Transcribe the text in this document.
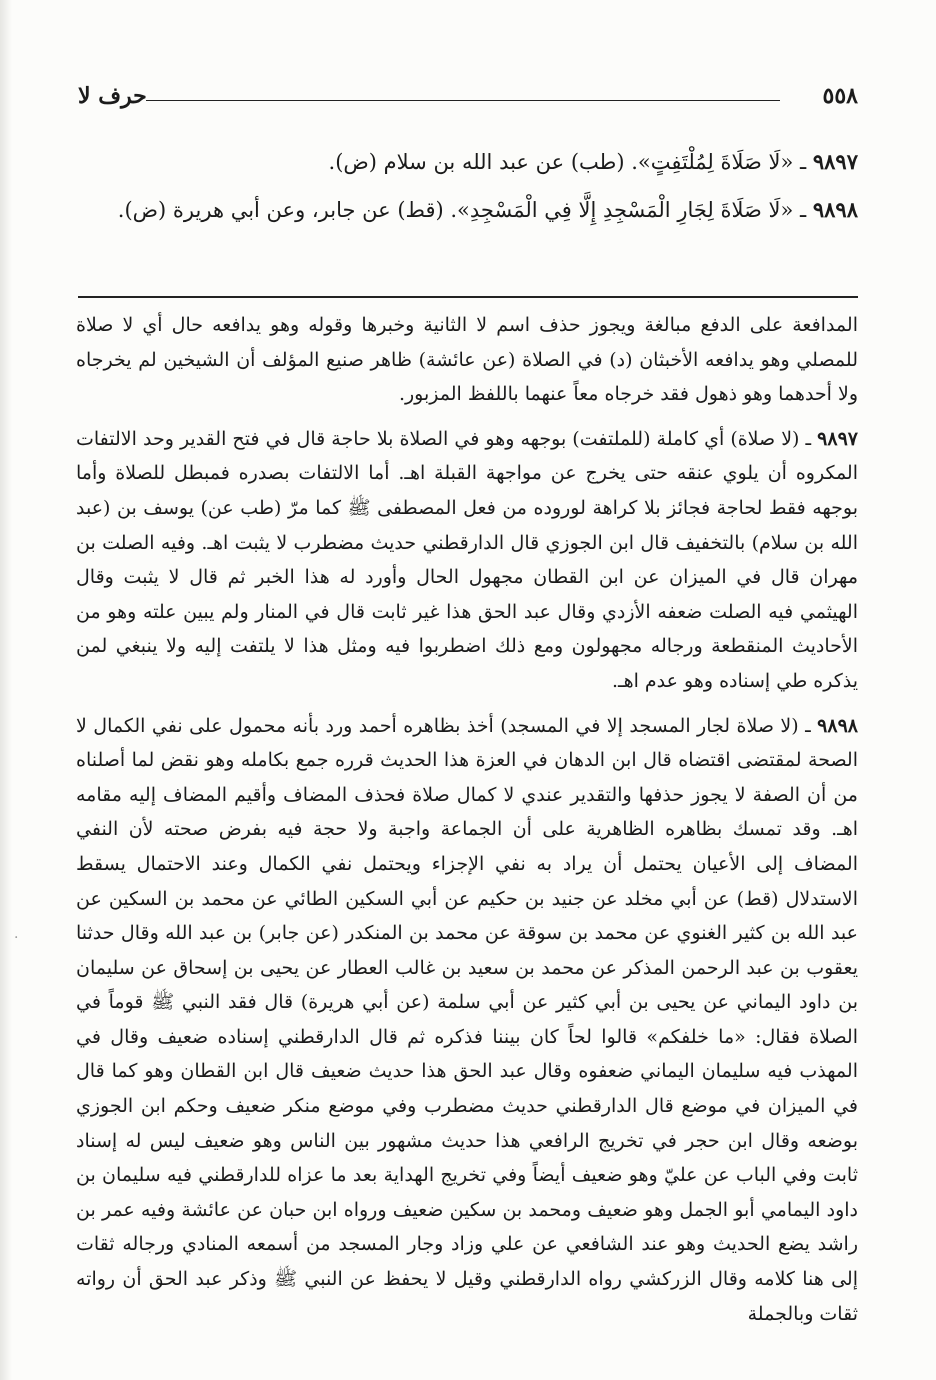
٥٥٨
حرف لا

٩٨٩٧ ـ «لَا صَلَاةَ لِمُلْتَفِتٍ». (طب) عن عبد الله بن سلام (ض).

٩٨٩٨ ـ «لَا صَلَاةَ لِجَارِ الْمَسْجِدِ إِلَّا فِي الْمَسْجِدِ». (قط) عن جابر، وعن أبي هريرة (ض).

المدافعة على الدفع مبالغة ويجوز حذف اسم لا الثانية وخبرها وقوله وهو يدافعه حال أي لا صلاة للمصلي وهو يدافعه الأخبثان (د) في الصلاة (عن عائشة) ظاهر صنيع المؤلف أن الشيخين لم يخرجاه ولا أحدهما وهو ذهول فقد خرجاه معاً عنهما باللفظ المزبور.

٩٨٩٧ ـ (لا صلاة) أي كاملة (للملتفت) بوجهه وهو في الصلاة بلا حاجة قال في فتح القدير وحد الالتفات المكروه أن يلوي عنقه حتى يخرج عن مواجهة القبلة اهـ. أما الالتفات بصدره فمبطل للصلاة وأما بوجهه فقط لحاجة فجائز بلا كراهة لوروده من فعل المصطفى ﷺ كما مرّ (طب عن) يوسف بن (عبد الله بن سلام) بالتخفيف قال ابن الجوزي قال الدارقطني حديث مضطرب لا يثبت اهـ. وفيه الصلت بن مهران قال في الميزان عن ابن القطان مجهول الحال وأورد له هذا الخبر ثم قال لا يثبت وقال الهيثمي فيه الصلت ضعفه الأزدي وقال عبد الحق هذا غير ثابت قال في المنار ولم يبين علته وهو من الأحاديث المنقطعة ورجاله مجهولون ومع ذلك اضطربوا فيه ومثل هذا لا يلتفت إليه ولا ينبغي لمن يذكره طي إسناده وهو عدم اهـ.

٩٨٩٨ ـ (لا صلاة لجار المسجد إلا في المسجد) أخذ بظاهره أحمد ورد بأنه محمول على نفي الكمال لا الصحة لمقتضى اقتضاه قال ابن الدهان في العزة هذا الحديث قرره جمع بكامله وهو نقض لما أصلناه من أن الصفة لا يجوز حذفها والتقدير عندي لا كمال صلاة فحذف المضاف وأقيم المضاف إليه مقامه اهـ. وقد تمسك بظاهره الظاهرية على أن الجماعة واجبة ولا حجة فيه بفرض صحته لأن النفي المضاف إلى الأعيان يحتمل أن يراد به نفي الإجزاء ويحتمل نفي الكمال وعند الاحتمال يسقط الاستدلال (قط) عن أبي مخلد عن جنيد بن حكيم عن أبي السكين الطائي عن محمد بن السكين عن عبد الله بن كثير الغنوي عن محمد بن سوقة عن محمد بن المنكدر (عن جابر) بن عبد الله وقال حدثنا يعقوب بن عبد الرحمن المذكر عن محمد بن سعيد بن غالب العطار عن يحيى بن إسحاق عن سليمان بن داود اليماني عن يحيى بن أبي كثير عن أبي سلمة (عن أبي هريرة) قال فقد النبي ﷺ قوماً في الصلاة فقال: «ما خلفكم» قالوا لحاً كان بيننا فذكره ثم قال الدارقطني إسناده ضعيف وقال في المهذب فيه سليمان اليماني ضعفوه وقال عبد الحق هذا حديث ضعيف قال ابن القطان وهو كما قال في الميزان في موضع قال الدارقطني حديث مضطرب وفي موضع منكر ضعيف وحكم ابن الجوزي بوضعه وقال ابن حجر في تخريج الرافعي هذا حديث مشهور بين الناس وهو ضعيف ليس له إسناد ثابت وفي الباب عن عليّ وهو ضعيف أيضاً وفي تخريج الهداية بعد ما عزاه للدارقطني فيه سليمان بن داود اليمامي أبو الجمل وهو ضعيف ومحمد بن سكين ضعيف ورواه ابن حبان عن عائشة وفيه عمر بن راشد يضع الحديث وهو عند الشافعي عن علي وزاد وجار المسجد من أسمعه المنادي ورجاله ثقات إلى هنا كلامه وقال الزركشي رواه الدارقطني وقيل لا يحفظ عن النبي ﷺ وذكر عبد الحق أن رواته ثقات وبالجملة

·
